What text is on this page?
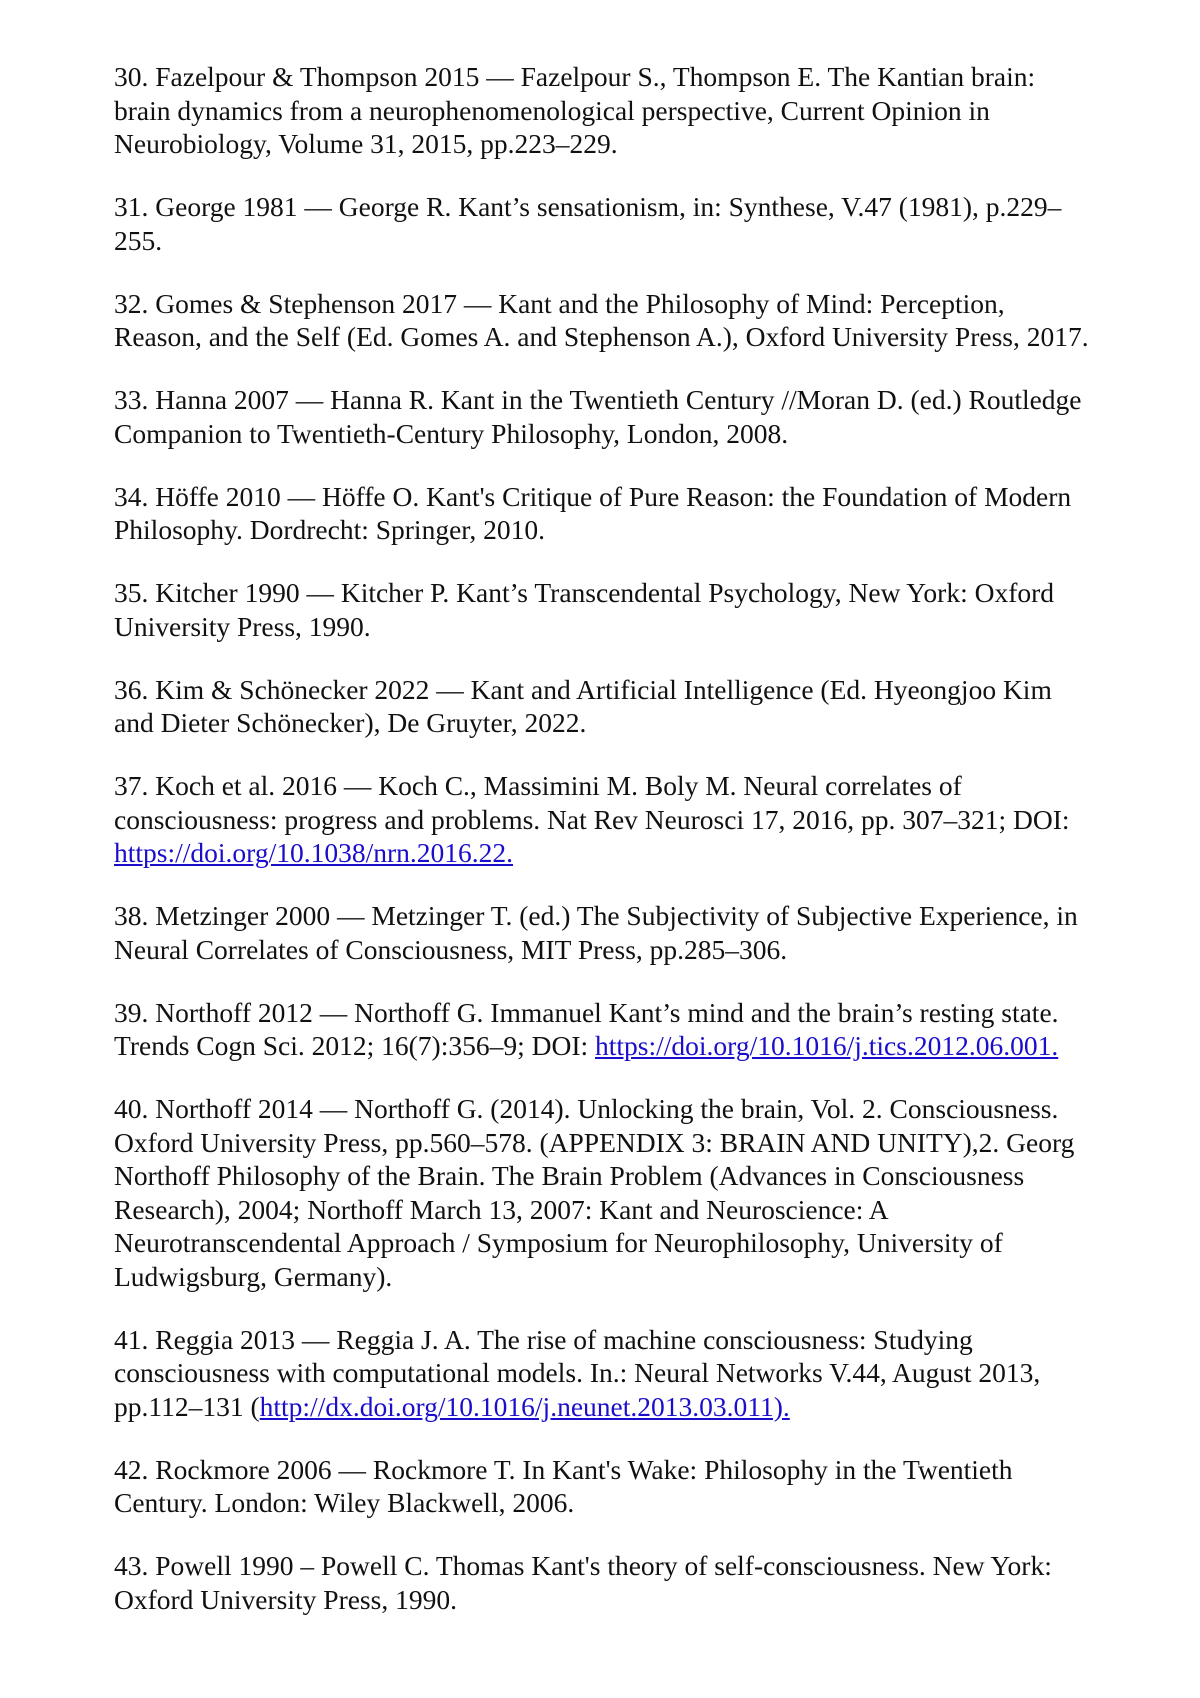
30. Fazelpour & Thompson 2015 — Fazelpour S., Thompson E. The Kantian brain:
brain dynamics from a neurophenomenological perspective, Current Opinion in
Neurobiology, Volume 31, 2015, pp.223–229.
31. George 1981 — George R. Kant’s sensationism, in: Synthese, V.47 (1981), p.229–
255.
32. Gomes & Stephenson 2017 — Kant and the Philosophy of Mind: Perception,
Reason, and the Self (Ed. Gomes A. and Stephenson A.), Oxford University Press, 2017.
33. Hanna 2007 — Hanna R. Kant in the Twentieth Century //Moran D. (ed.) Routledge
Companion to Twentieth-Century Philosophy, London, 2008.
34. Höffe 2010 — Höffe O. Kant's Critique of Pure Reason: the Foundation of Modern
Philosophy. Dordrecht: Springer, 2010.
35. Kitcher 1990 — Kitcher P. Kant’s Transcendental Psychology, New York: Oxford
University Press, 1990.
36. Kim & Schönecker 2022 — Kant and Artificial Intelligence (Ed. Hyeongjoo Kim
and Dieter Schönecker), De Gruyter, 2022.
37. Koch et al. 2016 — Koch C., Massimini M. Boly M. Neural correlates of
consciousness: progress and problems. Nat Rev Neurosci 17, 2016, pp. 307–321; DOI:
https://doi.org/10.1038/nrn.2016.22.
38. Metzinger 2000 — Metzinger T. (ed.) The Subjectivity of Subjective Experience, in
Neural Correlates of Consciousness, MIT Press, pp.285–306.
39. Northoff 2012 — Northoff G. Immanuel Kant’s mind and the brain’s resting state.
Trends Cogn Sci. 2012; 16(7):356–9; DOI: https://doi.org/10.1016/j.tics.2012.06.001.
40. Northoff 2014 — Northoff G. (2014). Unlocking the brain, Vol. 2. Consciousness.
Oxford University Press, pp.560–578. (APPENDIX 3: BRAIN AND UNITY),2. Georg
Northoff Philosophy of the Brain. The Brain Problem (Advances in Consciousness
Research), 2004; Northoff March 13, 2007: Kant and Neuroscience: A
Neurotranscendental Approach / Symposium for Neurophilosophy, University of
Ludwigsburg, Germany).
41. Reggia 2013 — Reggia J. A. The rise of machine consciousness: Studying
consciousness with computational models. In.: Neural Networks V.44, August 2013,
pp.112–131 (http://dx.doi.org/10.1016/j.neunet.2013.03.011).
42. Rockmore 2006 — Rockmore T. In Kant's Wake: Philosophy in the Twentieth
Century. London: Wiley Blackwell, 2006.
43. Powell 1990 – Powell C. Thomas Kant's theory of self-consciousness. New York:
Oxford University Press, 1990.
